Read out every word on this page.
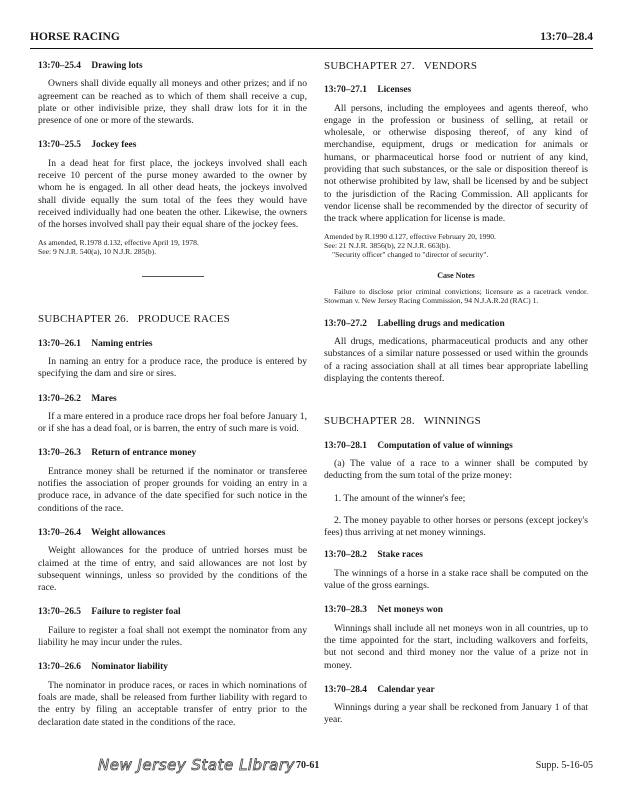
HORSE RACING	13:70–28.4
13:70–25.4 Drawing lots

Owners shall divide equally all moneys and other prizes; and if no agreement can be reached as to which of them shall receive a cup, plate or other indivisible prize, they shall draw lots for it in the presence of one or more of the stewards.

13:70–25.5 Jockey fees

In a dead heat for first place, the jockeys involved shall each receive 10 percent of the purse money awarded to the owner by whom he is engaged. In all other dead heats, the jockeys involved shall divide equally the sum total of the fees they would have received individually had one beaten the other. Likewise, the owners of the horses involved shall pay their equal share of the jockey fees.

As amended, R.1978 d.132, effective April 19, 1978.
See: 9 N.J.R. 540(a), 10 N.J.R. 285(b).
SUBCHAPTER 26. PRODUCE RACES
13:70–26.1 Naming entries

In naming an entry for a produce race, the produce is entered by specifying the dam and sire or sires.

13:70–26.2 Mares

If a mare entered in a produce race drops her foal before January 1, or if she has a dead foal, or is barren, the entry of such mare is void.

13:70–26.3 Return of entrance money

Entrance money shall be returned if the nominator or transferee notifies the association of proper grounds for voiding an entry in a produce race, in advance of the date specified for such notice in the conditions of the race.

13:70–26.4 Weight allowances

Weight allowances for the produce of untried horses must be claimed at the time of entry, and said allowances are not lost by subsequent winnings, unless so provided by the conditions of the race.

13:70–26.5 Failure to register foal

Failure to register a foal shall not exempt the nominator from any liability he may incur under the rules.

13:70–26.6 Nominator liability

The nominator in produce races, or races in which nominations of foals are made, shall be released from further liability with regard to the entry by filing an acceptable transfer of entry prior to the declaration date stated in the conditions of the race.

SUBCHAPTER 27. VENDORS
13:70–27.1 Licenses

All persons, including the employees and agents thereof, who engage in the profession or business of selling, at retail or wholesale, or otherwise disposing thereof, of any kind of merchandise, equipment, drugs or medication for animals or humans, or pharmaceutical horse food or nutrient of any kind, providing that such substances, or the sale or disposition thereof is not otherwise prohibited by law, shall be licensed by and be subject to the jurisdiction of the Racing Commission. All applicants for vendor license shall be recommended by the director of security of the track where application for license is made.

Amended by R.1990 d.127, effective February 20, 1990.
See: 21 N.J.R. 3856(b), 22 N.J.R. 663(b).
"Security officer" changed to "director of security".
Case Notes

Failure to disclose prior criminal convictions; licensure as a racetrack vendor. Stowman v. New Jersey Racing Commission, 94 N.J.A.R.2d (RAC) 1.

13:70–27.2 Labelling drugs and medication

All drugs, medications, pharmaceutical products and any other substances of a similar nature possessed or used within the grounds of a racing association shall at all times bear appropriate labelling displaying the contents thereof.

SUBCHAPTER 28. WINNINGS
13:70–28.1 Computation of value of winnings

(a) The value of a race to a winner shall be computed by deducting from the sum total of the prize money:

1. The amount of the winner's fee;

2. The money payable to other horses or persons (except jockey's fees) thus arriving at net money winnings.

13:70–28.2 Stake races

The winnings of a horse in a stake race shall be computed on the value of the gross earnings.

13:70–28.3 Net moneys won

Winnings shall include all net moneys won in all countries, up to the time appointed for the start, including walkovers and forfeits, but not second and third money nor the value of a prize not in money.

13:70–28.4 Calendar year

Winnings during a year shall be reckoned from January 1 of that year.

New Jersey State Library 70-61	Supp. 5-16-05
